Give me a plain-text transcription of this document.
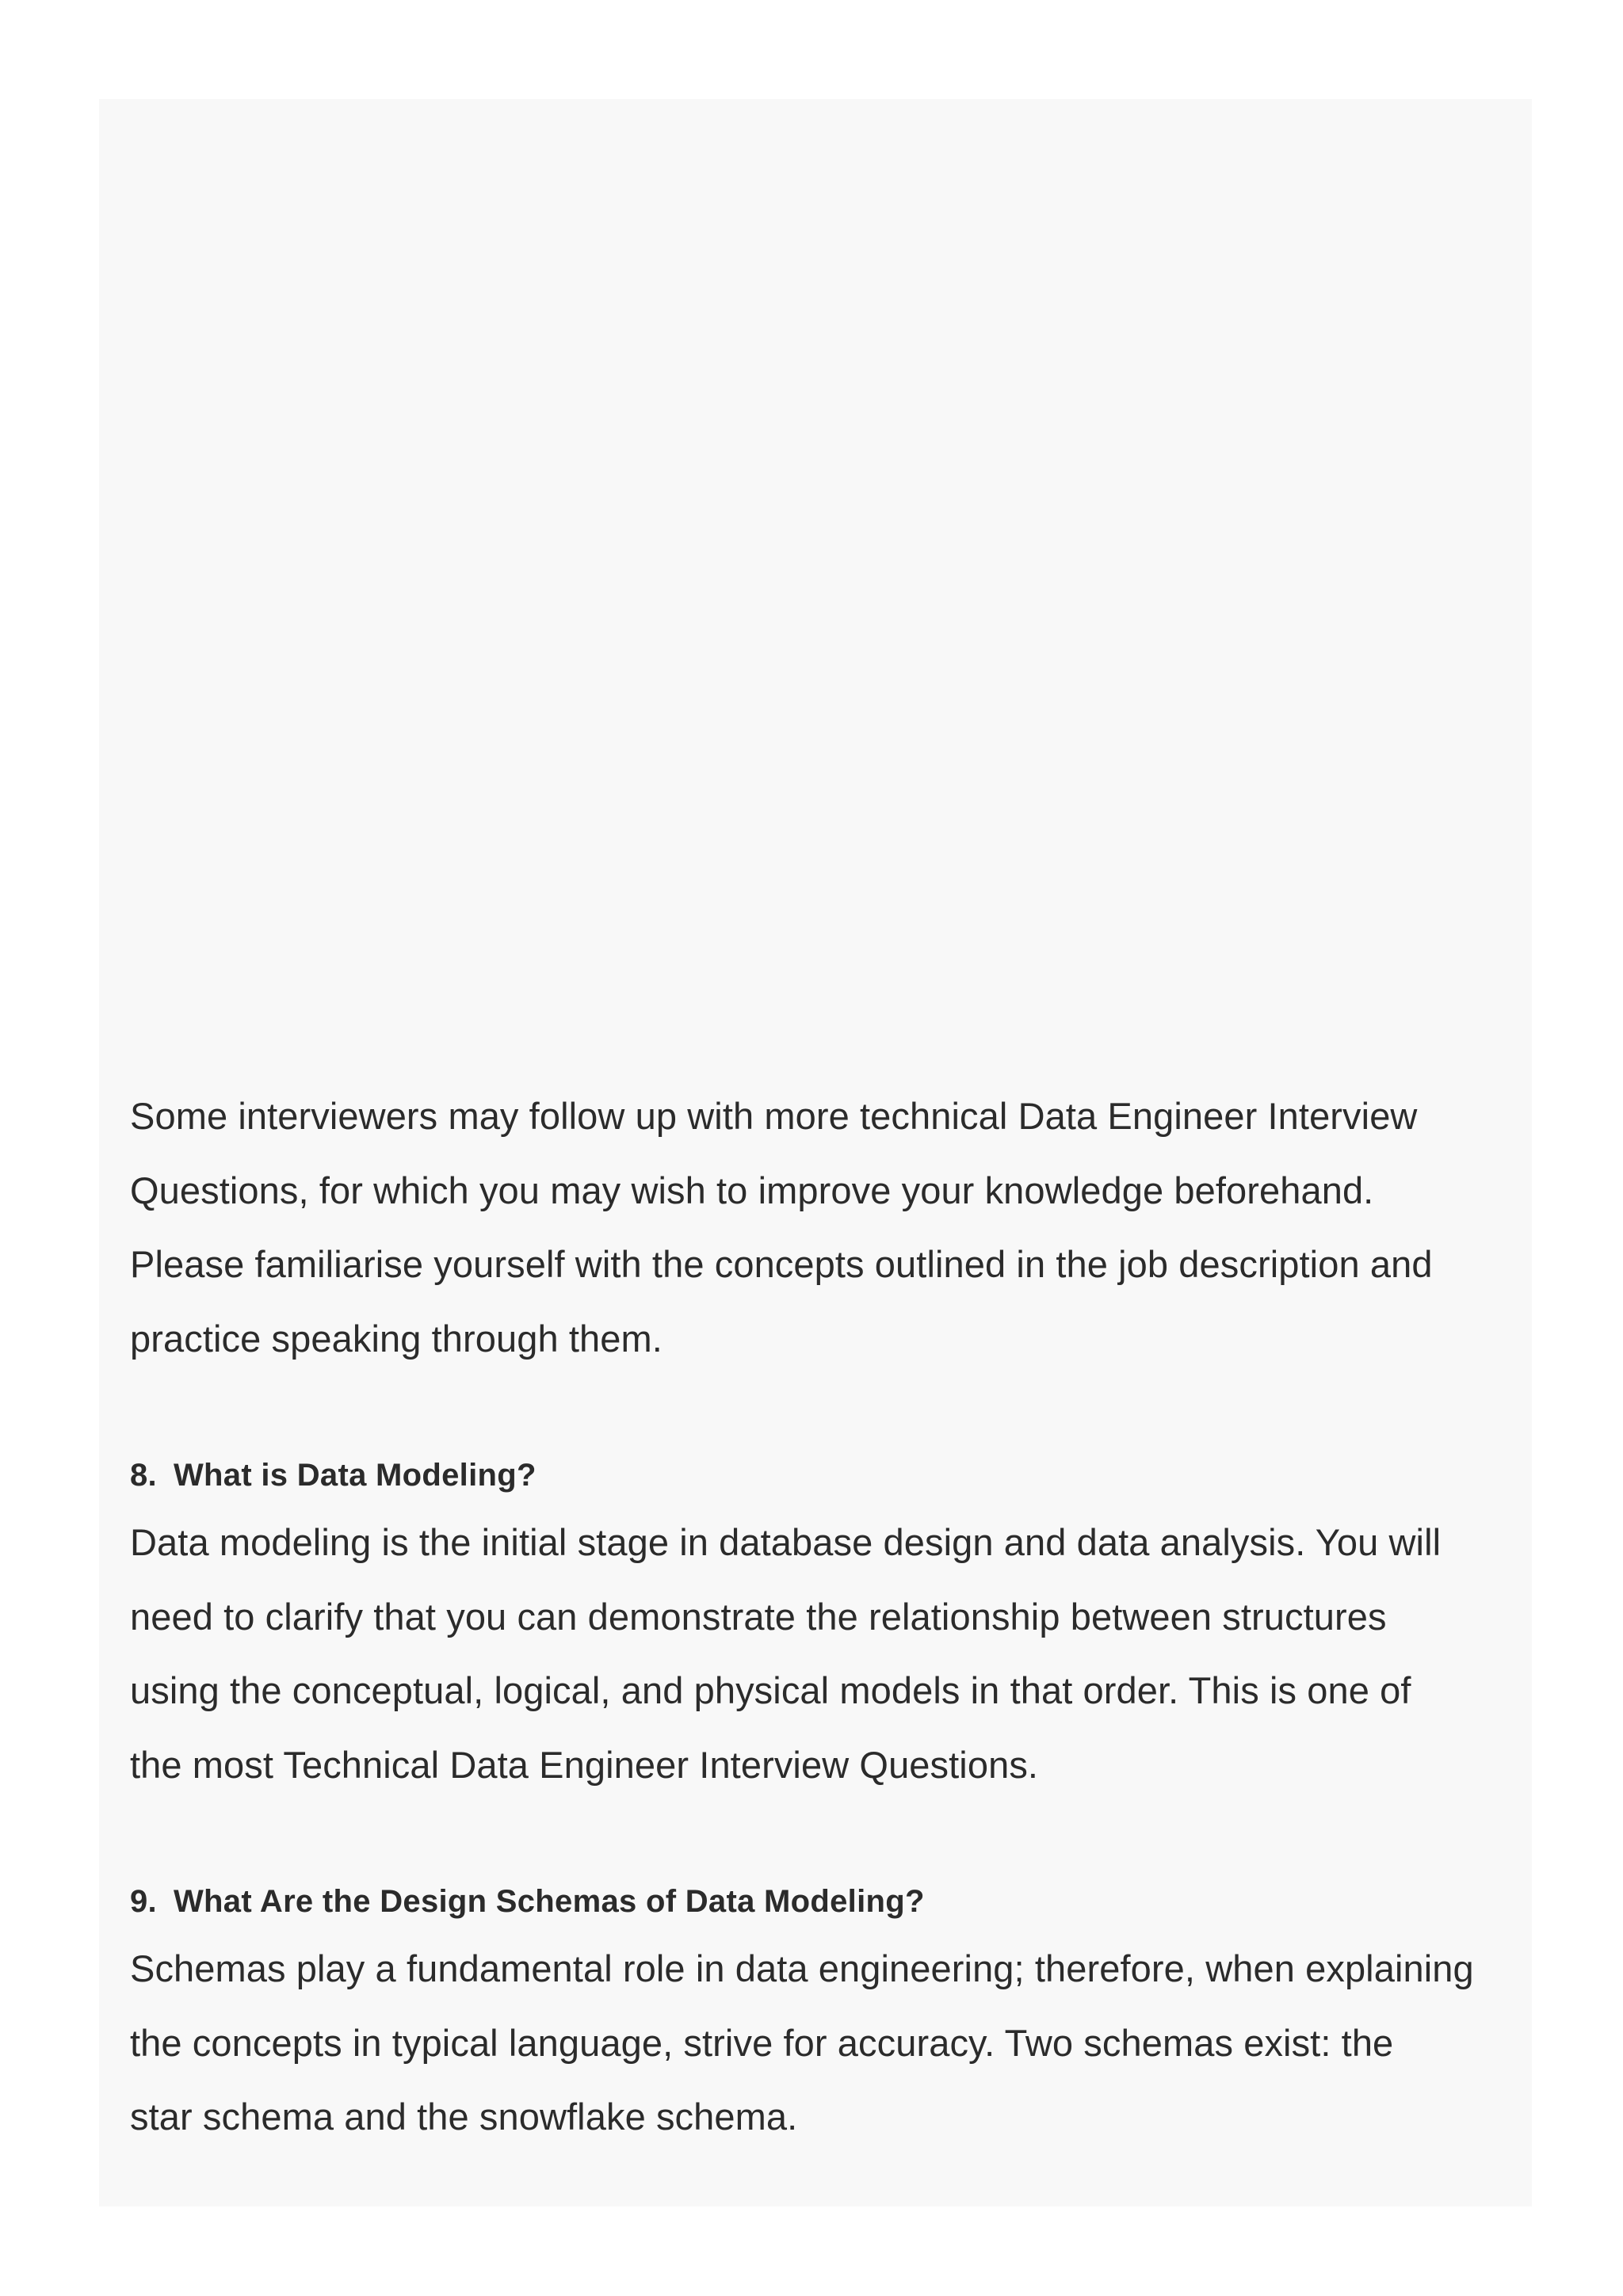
Some interviewers may follow up with more technical Data Engineer Interview
Questions, for which you may wish to improve your knowledge beforehand.
Please familiarise yourself with the concepts outlined in the job description and
practice speaking through them.

8. What is Data Modeling?

Data modeling is the initial stage in database design and data analysis. You will
need to clarify that you can demonstrate the relationship between structures
using the conceptual, logical, and physical models in that order. This is one of
the most Technical Data Engineer Interview Questions.

9. What Are the Design Schemas of Data Modeling?

Schemas play a fundamental role in data engineering; therefore, when explaining
the concepts in typical language, strive for accuracy. Two schemas exist: the
star schema and the snowflake schema.
